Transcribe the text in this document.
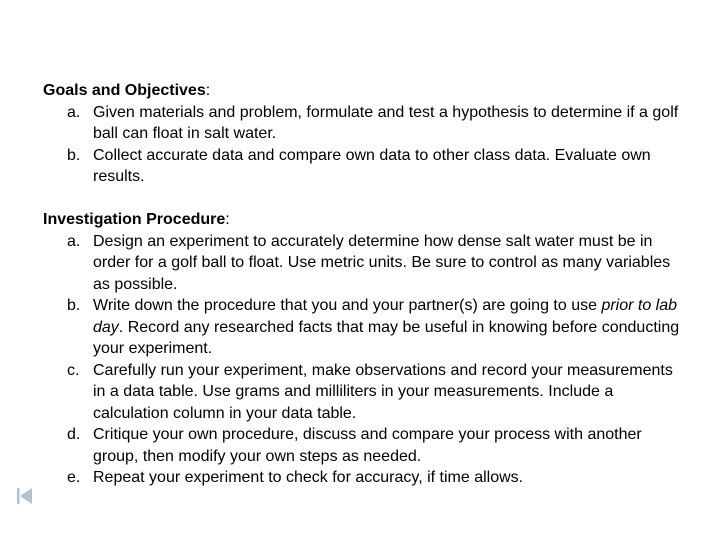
Goals and Objectives:
a. Given materials and problem, formulate and test a hypothesis to determine if a golf ball can float in salt water.
b. Collect accurate data and compare own data to other class data. Evaluate own results.
Investigation Procedure:
a. Design an experiment to accurately determine how dense salt water must be in order for a golf ball to float. Use metric units. Be sure to control as many variables as possible.
b. Write down the procedure that you and your partner(s) are going to use prior to lab day. Record any researched facts that may be useful in knowing before conducting your experiment.
c. Carefully run your experiment, make observations and record your measurements in a data table. Use grams and milliliters in your measurements. Include a calculation column in your data table.
d. Critique your own procedure, discuss and compare your process with another group, then modify your own steps as needed.
e. Repeat your experiment to check for accuracy, if time allows.
